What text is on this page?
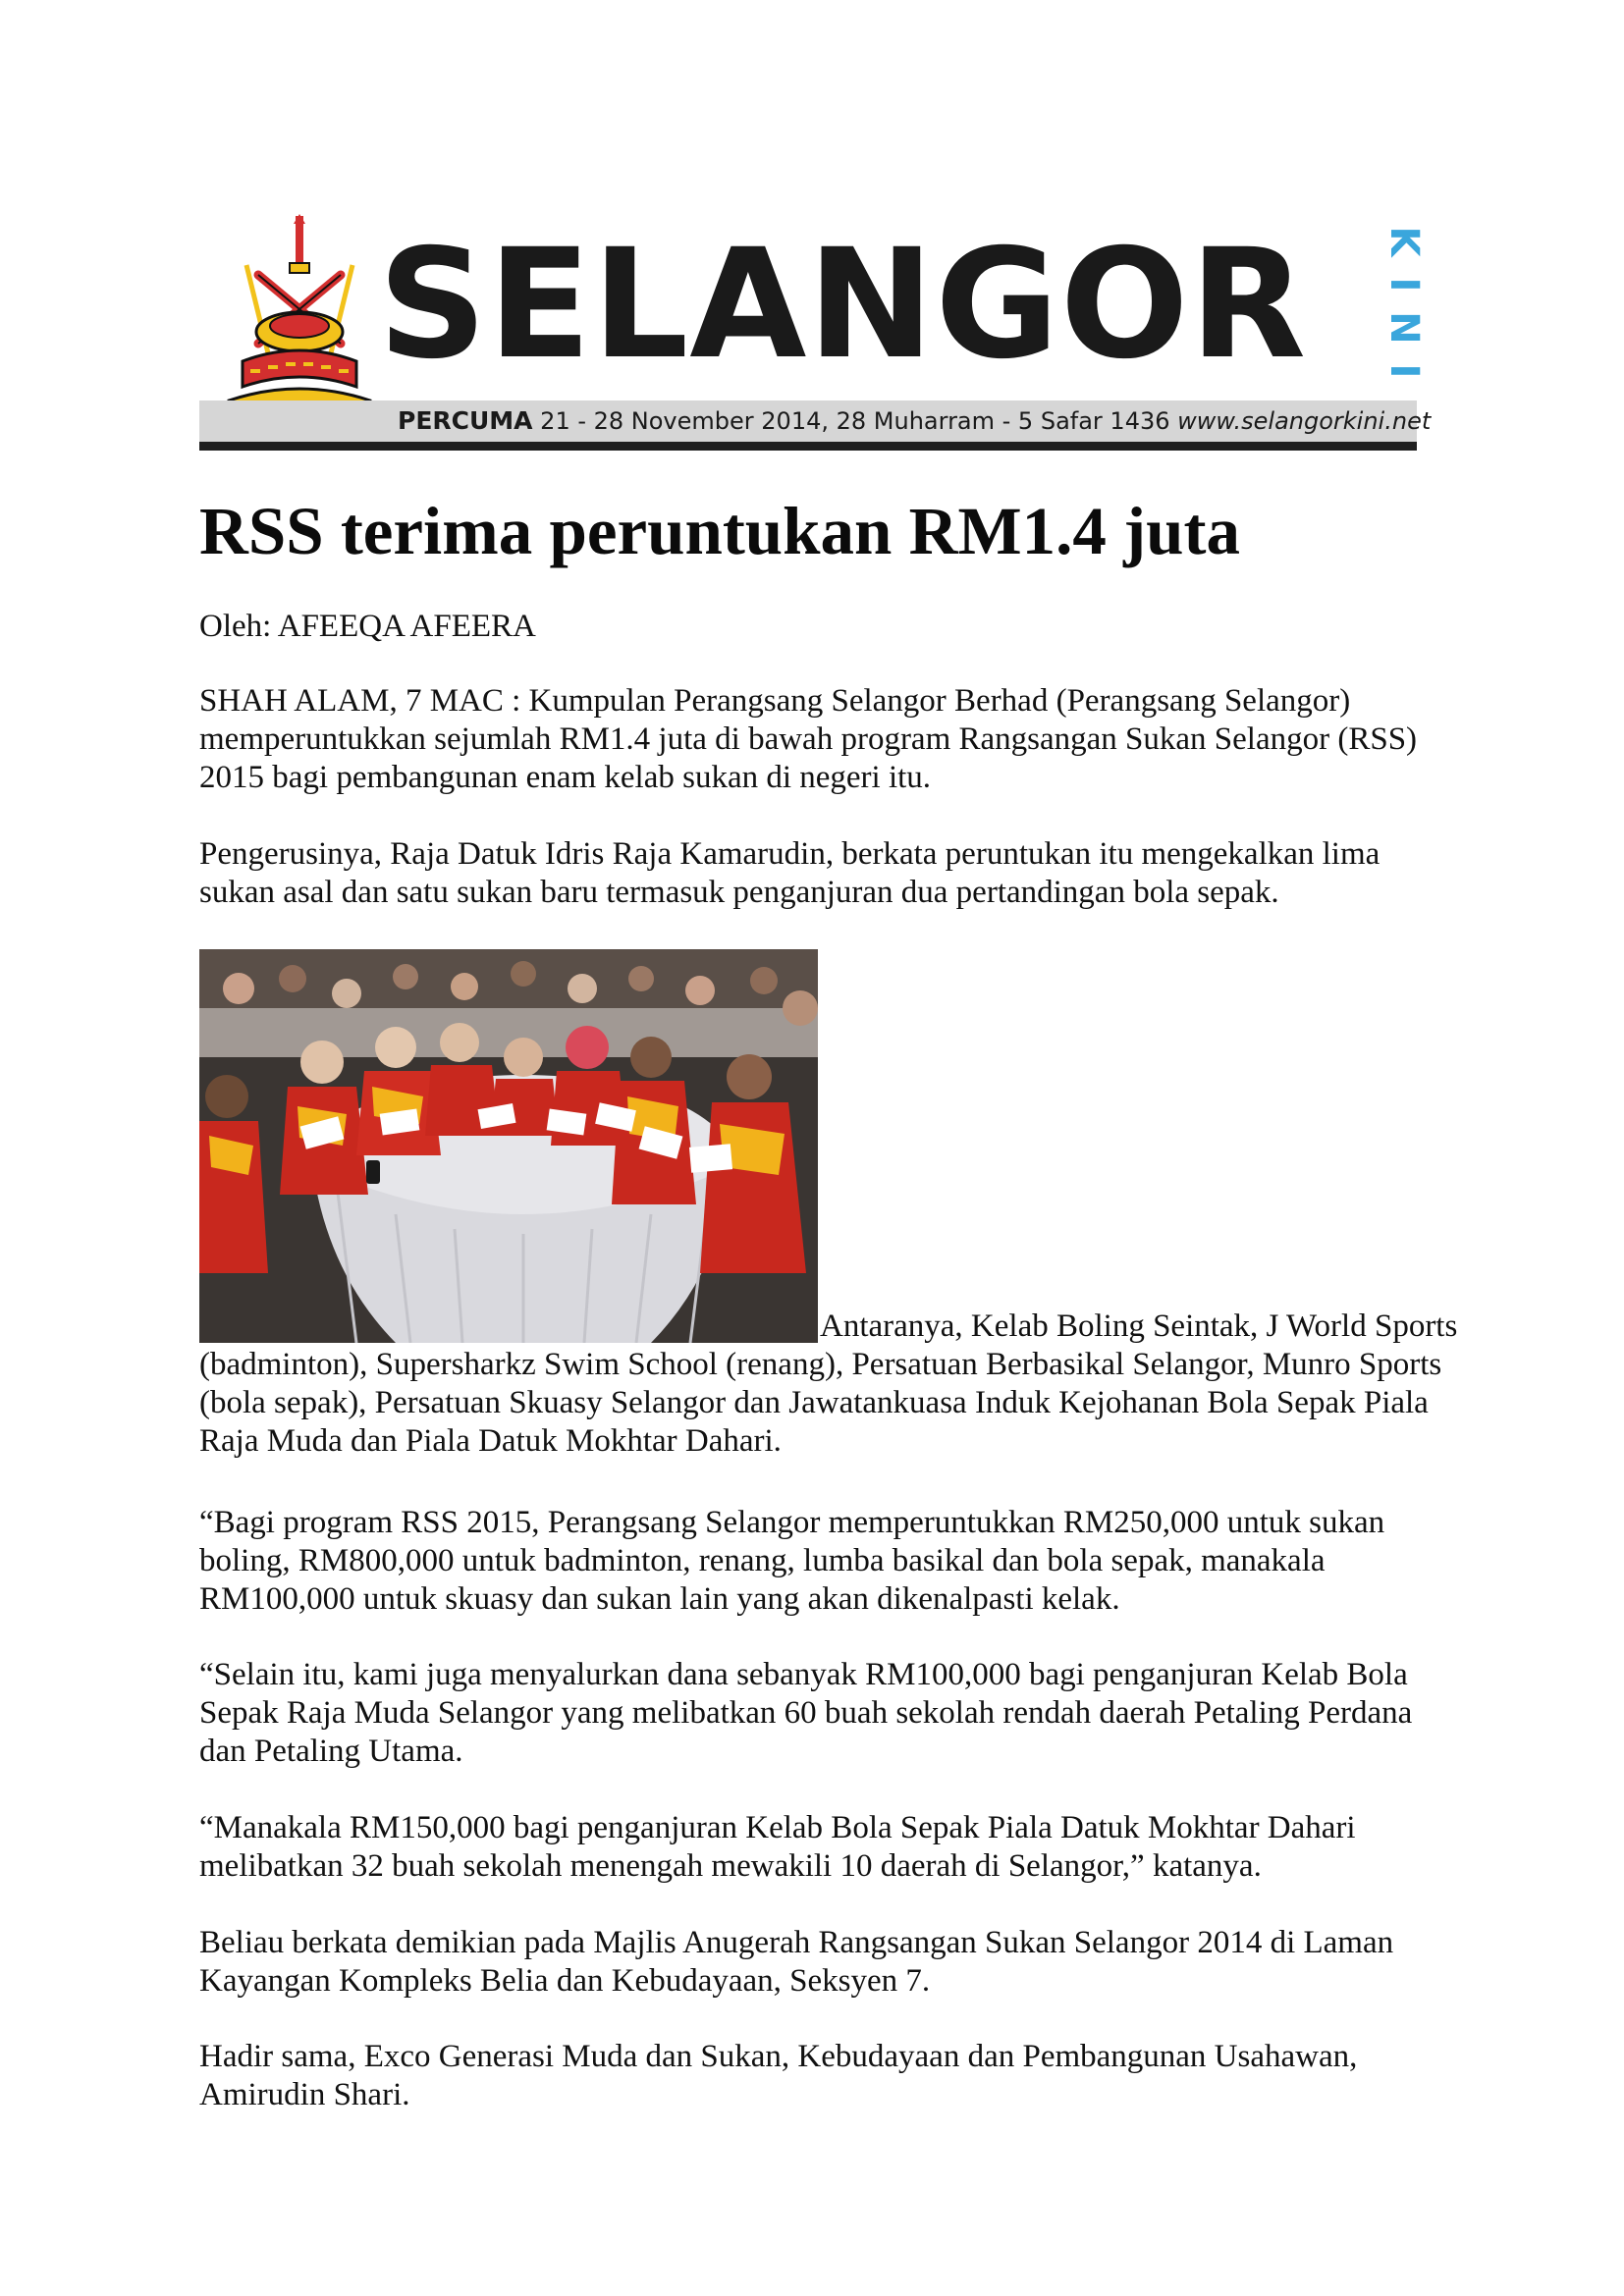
SELANGOR K
I
N
I
PERCUMA 21 - 28 November 2014, 28 Muharram - 5 Safar 1436 www.selangorkini.net
RSS terima peruntukan RM1.4 juta

Oleh: AFEEQA AFEERA

SHAH ALAM, 7 MAC : Kumpulan Perangsang Selangor Berhad (Perangsang Selangor) memperuntukkan sejumlah RM1.4 juta di bawah program Rangsangan Sukan Selangor (RSS) 2015 bagi pembangunan enam kelab sukan di negeri itu.

Pengerusinya, Raja Datuk Idris Raja Kamarudin, berkata peruntukan itu mengekalkan lima sukan asal dan satu sukan baru termasuk penganjuran dua pertandingan bola sepak.

Antaranya, Kelab Boling Seintak, J World Sports (badminton), Supersharkz Swim School (renang), Persatuan Berbasikal Selangor, Munro Sports (bola sepak), Persatuan Skuasy Selangor dan Jawatankuasa Induk Kejohanan Bola Sepak Piala Raja Muda dan Piala Datuk Mokhtar Dahari.

“Bagi program RSS 2015, Perangsang Selangor memperuntukkan RM250,000 untuk sukan boling, RM800,000 untuk badminton, renang, lumba basikal dan bola sepak, manakala RM100,000 untuk skuasy dan sukan lain yang akan dikenalpasti kelak.

“Selain itu, kami juga menyalurkan dana sebanyak RM100,000 bagi penganjuran Kelab Bola Sepak Raja Muda Selangor yang melibatkan 60 buah sekolah rendah daerah Petaling Perdana dan Petaling Utama.

“Manakala RM150,000 bagi penganjuran Kelab Bola Sepak Piala Datuk Mokhtar Dahari melibatkan 32 buah sekolah menengah mewakili 10 daerah di Selangor,” katanya.

Beliau berkata demikian pada Majlis Anugerah Rangsangan Sukan Selangor 2014 di Laman Kayangan Kompleks Belia dan Kebudayaan, Seksyen 7.

Hadir sama, Exco Generasi Muda dan Sukan, Kebudayaan dan Pembangunan Usahawan, Amirudin Shari.
